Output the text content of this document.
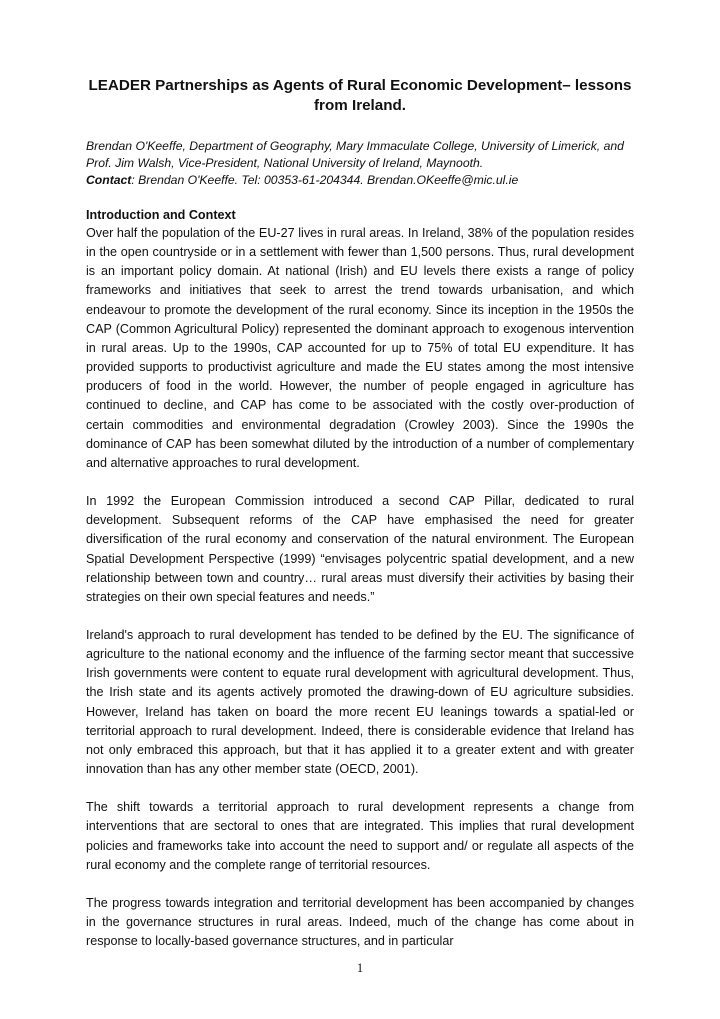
LEADER Partnerships as Agents of Rural Economic Development– lessons from Ireland.
Brendan O'Keeffe, Department of Geography, Mary Immaculate College, University of Limerick, and
Prof. Jim Walsh, Vice-President, National University of Ireland, Maynooth.
Contact: Brendan O'Keeffe. Tel: 00353-61-204344. Brendan.OKeeffe@mic.ul.ie
Introduction and Context

Over half the population of the EU-27 lives in rural areas. In Ireland, 38% of the population resides in the open countryside or in a settlement with fewer than 1,500 persons. Thus, rural development is an important policy domain. At national (Irish) and EU levels there exists a range of policy frameworks and initiatives that seek to arrest the trend towards urbanisation, and which endeavour to promote the development of the rural economy. Since its inception in the 1950s the CAP (Common Agricultural Policy) represented the dominant approach to exogenous intervention in rural areas. Up to the 1990s, CAP accounted for up to 75% of total EU expenditure. It has provided supports to productivist agriculture and made the EU states among the most intensive producers of food in the world. However, the number of people engaged in agriculture has continued to decline, and CAP has come to be associated with the costly over-production of certain commodities and environmental degradation (Crowley 2003). Since the 1990s the dominance of CAP has been somewhat diluted by the introduction of a number of complementary and alternative approaches to rural development.

In 1992 the European Commission introduced a second CAP Pillar, dedicated to rural development. Subsequent reforms of the CAP have emphasised the need for greater diversification of the rural economy and conservation of the natural environment. The European Spatial Development Perspective (1999) “envisages polycentric spatial development, and a new relationship between town and country… rural areas must diversify their activities by basing their strategies on their own special features and needs.”

Ireland's approach to rural development has tended to be defined by the EU. The significance of agriculture to the national economy and the influence of the farming sector meant that successive Irish governments were content to equate rural development with agricultural development. Thus, the Irish state and its agents actively promoted the drawing-down of EU agriculture subsidies. However, Ireland has taken on board the more recent EU leanings towards a spatial-led or territorial approach to rural development. Indeed, there is considerable evidence that Ireland has not only embraced this approach, but that it has applied it to a greater extent and with greater innovation than has any other member state (OECD, 2001).

The shift towards a territorial approach to rural development represents a change from interventions that are sectoral to ones that are integrated. This implies that rural development policies and frameworks take into account the need to support and/ or regulate all aspects of the rural economy and the complete range of territorial resources.

The progress towards integration and territorial development has been accompanied by changes in the governance structures in rural areas. Indeed, much of the change has come about in response to locally-based governance structures, and in particular

1
